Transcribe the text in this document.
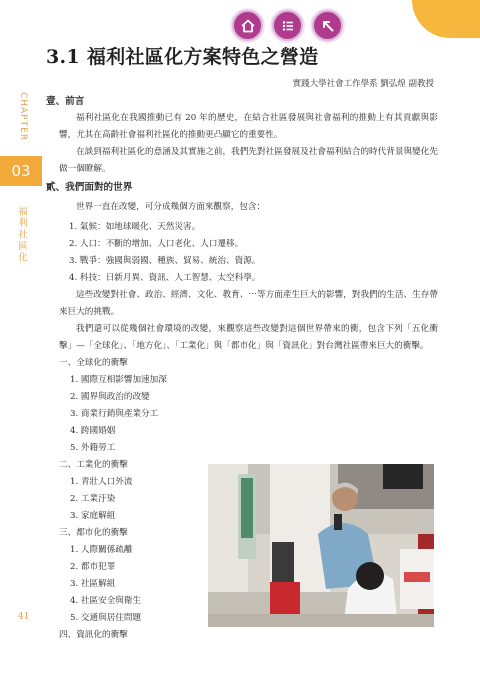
3.1 福利社區化方案特色之營造
實踐大學社會工作學系 劉弘煌 副教授
CHAPTER
03
福利社區化
41
壹、前言
福利社區化在我國推動已有 20 年的歷史，在結合社區發展與社會福利的推動上有其貢獻與影響，尤其在高齡社會福利社區化的推動更凸顯它的重要性。
在談到福利社區化的意涵及其實施之前，我們先對社區發展及社會福利結合的時代背景與變化先做一個瞭解。
貳、我們面對的世界
世界一直在改變，可分成幾個方面來觀察，包含：
1. 氣候：如地球暖化、天然災害。
2. 人口：不斷的增加、人口老化、人口遷移。
3. 戰爭：強國與弱國、種族、貿易、統治、資源。
4. 科技：日新月異、資訊、人工智慧、太空科學。
這些改變對社會、政治、經濟、文化、教育、⋯等方面產生巨大的影響，對我們的生活、生存帶來巨大的挑戰。
我們還可以從幾個社會環境的改變，來觀察這些改變對這個世界帶來的衝，包含下列「五化衝擊」—「全球化」、「地方化」、「工業化」與「都市化」與「資訊化」對台灣社區帶來巨大的衝擊。
一、全球化的衝擊
1. 國際互相影響加速加深
2. 國界與政治的改變
3. 商業行銷與產業分工
4. 跨國婚姻
5. 外籍勞工
二、工業化的衝擊
1. 青壯人口外流
2. 工業汙染
3. 家庭解組
三、都市化的衝擊
1. 人際關係疏離
2. 都市犯罪
3. 社區解組
4. 社區安全與衛生
5. 交通與居住問題
四、資訊化的衝擊
